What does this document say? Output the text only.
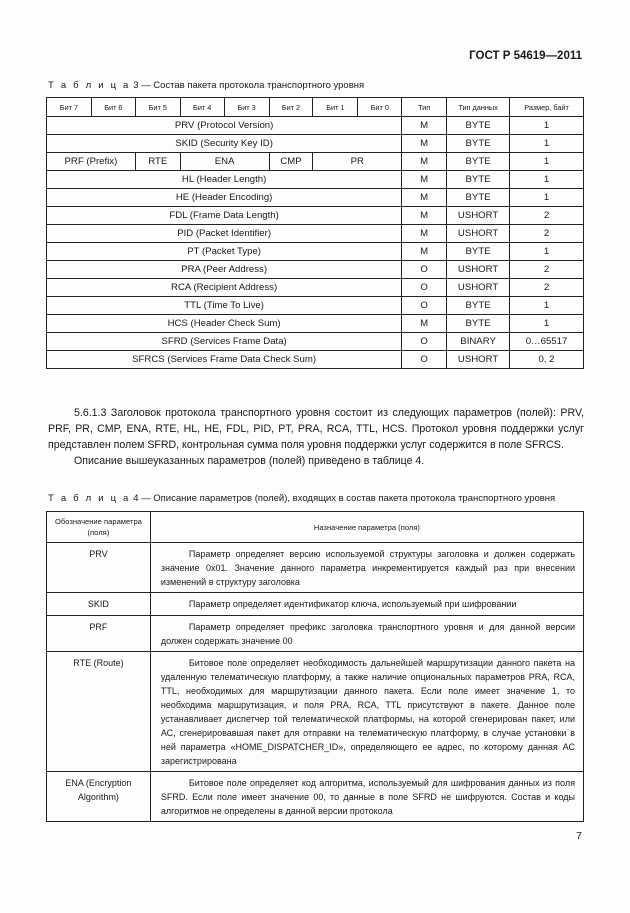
ГОСТ Р 54619—2011
Т а б л и ц а 3 — Состав пакета протокола транспортного уровня
Бит 7	Бит 6	Бит 5	Бит 4	Бит 3	Бит 2	Бит 1	Бит 0	Тип	Тип данных	Размер, байт
PRV (Protocol Version)								M	BYTE	1
SKID (Security Key ID)								M	BYTE	1
PRF (Prefix)		RTE	ENA		CMP	PR		M	BYTE	1
HL (Header Length)								M	BYTE	1
HE (Header Encoding)								M	BYTE	1
FDL (Frame Data Length)								M	USHORT	2
PID (Packet Identifier)								M	USHORT	2
PT (Packet Type)								M	BYTE	1
PRA (Peer Address)								O	USHORT	2
RCA (Recipient Address)								O	USHORT	2
TTL (Time To Live)								O	BYTE	1
HCS (Header Check Sum)								M	BYTE	1
SFRD (Services Frame Data)								O	BINARY	0…65517
SFRCS (Services Frame Data Check Sum)								O	USHORT	0, 2

5.6.1.3 Заголовок протокола транспортного уровня состоит из следующих параметров (полей): PRV, PRF, PR, CMP, ENA, RTE, HL, HE, FDL, PID, PT, PRA, RCA, TTL, HCS. Протокол уровня поддержки услуг представлен полем SFRD, контрольная сумма поля уровня поддержки услуг содержится в поле SFRCS.

Описание вышеуказанных параметров (полей) приведено в таблице 4.

Т а б л и ц а 4 — Описание параметров (полей), входящих в состав пакета протокола транспортного уровня
Обозначение параметра (поля)	Назначение параметра (поля)
PRV	Параметр определяет версию используемой структуры заголовка и должен содержать значение 0x01. Значение данного параметра инкрементируется каждый раз при внесении изменений в структуру заголовка

SKID	Параметр определяет идентификатор ключа, используемый при шифровании

PRF	Параметр определяет префикс заголовка транспортного уровня и для данной версии должен содержать значение 00

RTE (Route)	Битовое поле определяет необходимость дальнейшей маршрутизации данного пакета на удаленную телематическую платформу, а также наличие опциональных параметров PRA, RCA, TTL, необходимых для маршрутизации данного пакета. Если поле имеет значение 1, то необходима маршрутизация, и поля PRA, RCA, TTL присутствуют в пакете. Данное поле устанавливает диспетчер той телематической платформы, на которой сгенерирован пакет, или АС, сгенерировавшая пакет для отправки на телематическую платформу, в случае установки в ней параметра «HOME_DISPATCHER_ID», определяющего ее адрес, по которому данная АС зарегистрирована

ENA (Encryption Algorithm)	Битовое поле определяет код алгоритма, используемый для шифрования данных из поля SFRD. Если поле имеет значение 00, то данные в поле SFRD не шифруются. Состав и коды алгоритмов не определены в данной версии протокола
7
